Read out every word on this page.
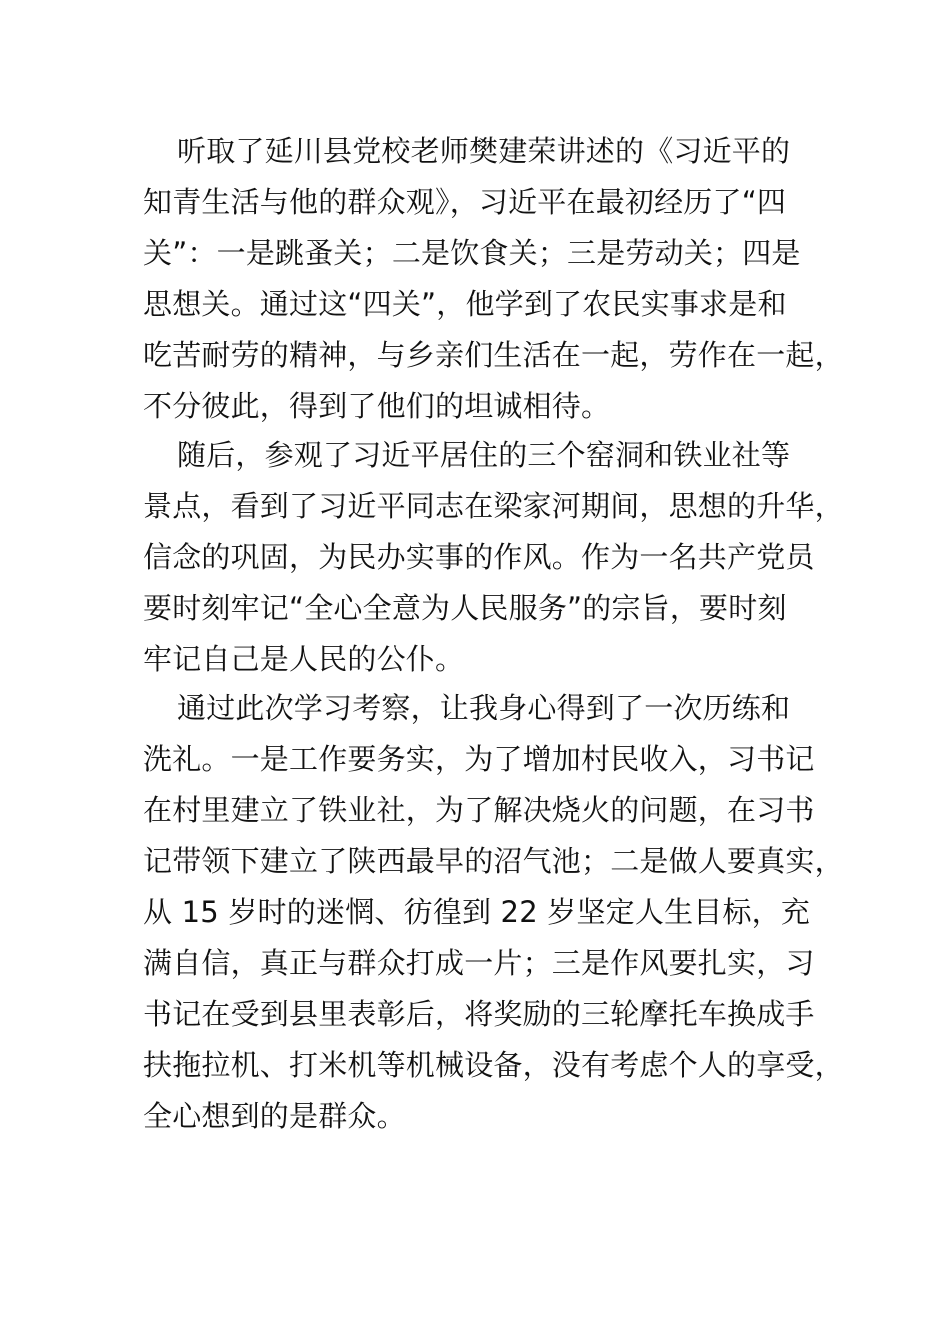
听取了延川县党校老师樊建荣讲述的《习近平的
知青生活与他的群众观》，习近平在最初经历了“四
关”：一是跳蚤关；二是饮食关；三是劳动关；四是
思想关。通过这“四关”，他学到了农民实事求是和
吃苦耐劳的精神，与乡亲们生活在一起，劳作在一起，
不分彼此，得到了他们的坦诚相待。
随后，参观了习近平居住的三个窑洞和铁业社等
景点，看到了习近平同志在梁家河期间，思想的升华，
信念的巩固，为民办实事的作风。作为一名共产党员
要时刻牢记“全心全意为人民服务”的宗旨，要时刻
牢记自己是人民的公仆。
通过此次学习考察，让我身心得到了一次历练和
洗礼。一是工作要务实，为了增加村民收入，习书记
在村里建立了铁业社，为了解决烧火的问题，在习书
记带领下建立了陕西最早的沼气池；二是做人要真实，
从 15 岁时的迷惘、彷徨到 22 岁坚定人生目标，充
满自信，真正与群众打成一片；三是作风要扎实，习
书记在受到县里表彰后，将奖励的三轮摩托车换成手
扶拖拉机、打米机等机械设备，没有考虑个人的享受，
全心想到的是群众。
